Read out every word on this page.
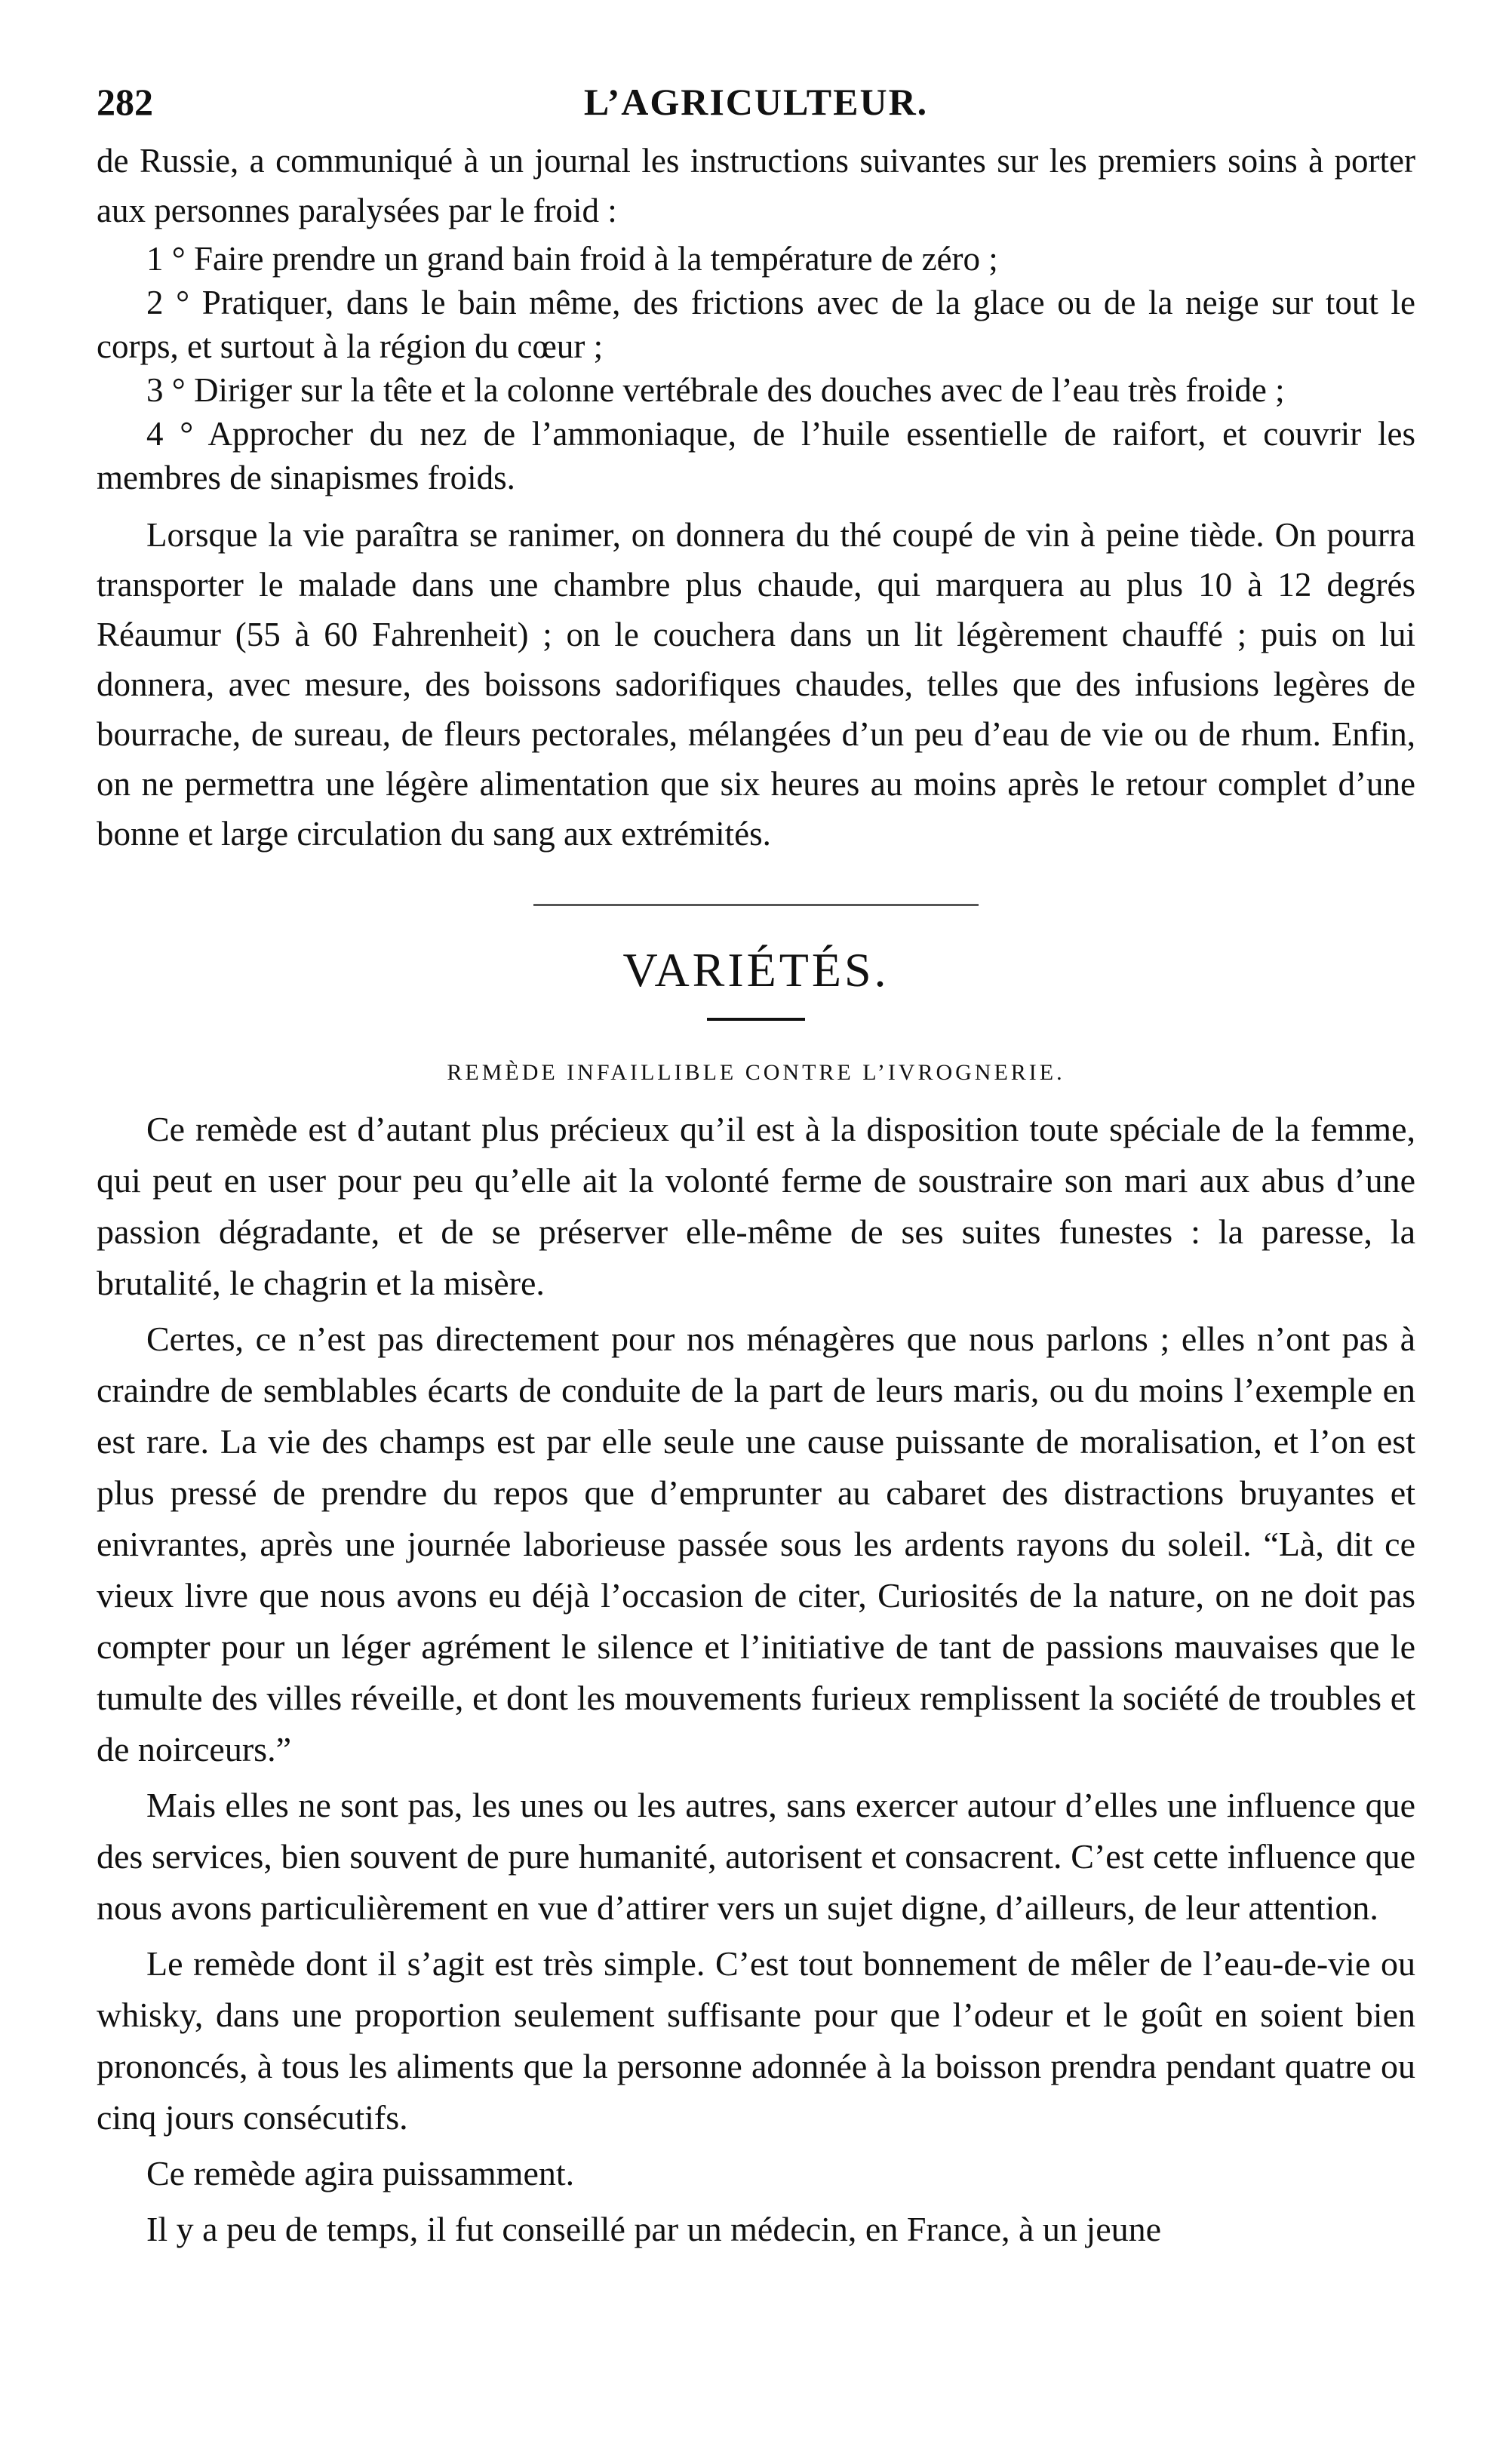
282	L’AGRICULTEUR.

de Russie, a communiqué à un journal les instructions suivantes sur les premiers soins à porter aux personnes paralysées par le froid :

1 ° Faire prendre un grand bain froid à la température de zéro ;

2 ° Pratiquer, dans le bain même, des frictions avec de la glace ou de la neige sur tout le corps, et surtout à la région du cœur ;

3 ° Diriger sur la tête et la colonne vertébrale des douches avec de l’eau très froide ;

4 ° Approcher du nez de l’ammoniaque, de l’huile essentielle de raifort, et couvrir les membres de sinapismes froids.

Lorsque la vie paraîtra se ranimer, on donnera du thé coupé de vin à peine tiède. On pourra transporter le malade dans une chambre plus chaude, qui marquera au plus 10 à 12 degrés Réaumur (55 à 60 Fahrenheit) ; on le couchera dans un lit légèrement chauffé ; puis on lui donnera, avec mesure, des boissons sadorifiques chaudes, telles que des infusions legères de bourrache, de sureau, de fleurs pectorales, mélangées d’un peu d’eau de vie ou de rhum. Enfin, on ne permettra une légère alimentation que six heures au moins après le retour complet d’une bonne et large circulation du sang aux extrémités.

VARIÉTÉS.
REMÈDE INFAILLIBLE CONTRE L’IVROGNERIE.

Ce remède est d’autant plus précieux qu’il est à la disposition toute spéciale de la femme, qui peut en user pour peu qu’elle ait la volonté ferme de soustraire son mari aux abus d’une passion dégradante, et de se préserver elle-même de ses suites funestes : la paresse, la brutalité, le chagrin et la misère.

Certes, ce n’est pas directement pour nos ménagères que nous parlons ; elles n’ont pas à craindre de semblables écarts de conduite de la part de leurs maris, ou du moins l’exemple en est rare. La vie des champs est par elle seule une cause puissante de moralisation, et l’on est plus pressé de prendre du repos que d’emprunter au cabaret des distractions bruyantes et enivrantes, après une journée laborieuse passée sous les ardents rayons du soleil. “Là, dit ce vieux livre que nous avons eu déjà l’occasion de citer, Curiosités de la nature, on ne doit pas compter pour un léger agrément le silence et l’initiative de tant de passions mauvaises que le tumulte des villes réveille, et dont les mouvements furieux remplissent la société de troubles et de noirceurs.”

Mais elles ne sont pas, les unes ou les autres, sans exercer autour d’elles une influence que des services, bien souvent de pure humanité, autorisent et consacrent. C’est cette influence que nous avons particulièrement en vue d’attirer vers un sujet digne, d’ailleurs, de leur attention.

Le remède dont il s’agit est très simple. C’est tout bonnement de mêler de l’eau-de-vie ou whisky, dans une proportion seulement suffisante pour que l’odeur et le goût en soient bien prononcés, à tous les aliments que la personne adonnée à la boisson prendra pendant quatre ou cinq jours consécutifs.

Ce remède agira puissamment.

Il y a peu de temps, il fut conseillé par un médecin, en France, à un jeune
